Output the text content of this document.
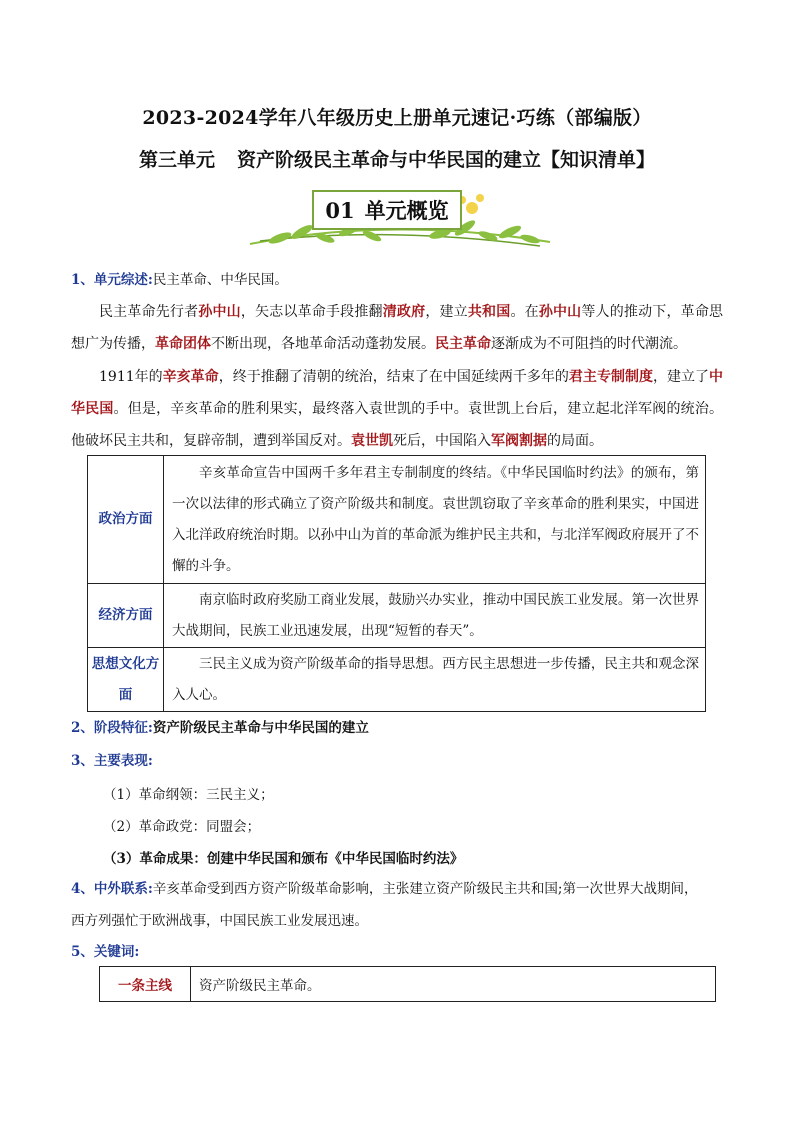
2023-2024学年八年级历史上册单元速记·巧练（部编版）
第三单元 资产阶级民主革命与中华民国的建立【知识清单】
01 单元概览
1、单元综述:民主革命、中华民国。
民主革命先行者孙中山，矢志以革命手段推翻清政府，建立共和国。在孙中山等人的推动下，革命思想广为传播，革命团体不断出现，各地革命活动蓬勃发展。民主革命逐渐成为不可阻挡的时代潮流。
1911年的辛亥革命，终于推翻了清朝的统治，结束了在中国延续两千多年的君主专制制度，建立了中华民国。但是，辛亥革命的胜利果实，最终落入袁世凯的手中。袁世凯上台后，建立起北洋军阀的统治。他破坏民主共和，复辟帝制，遭到举国反对。袁世凯死后，中国陷入军阀割据的局面。
政治方面	辛亥革命宣告中国两千多年君主专制制度的终结。《中华民国临时约法》的颁布，第一次以法律的形式确立了资产阶级共和制度。袁世凯窃取了辛亥革命的胜利果实，中国进入北洋政府统治时期。以孙中山为首的革命派为维护民主共和，与北洋军阀政府展开了不懈的斗争。
经济方面	南京临时政府奖励工商业发展，鼓励兴办实业，推动中国民族工业发展。第一次世界大战期间，民族工业迅速发展，出现“短暂的春天”。
思想文化方面	三民主义成为资产阶级革命的指导思想。西方民主思想进一步传播，民主共和观念深入人心。
2、阶段特征:资产阶级民主革命与中华民国的建立
3、主要表现:
（1）革命纲领：三民主义；
（2）革命政党：同盟会；
（3）革命成果：创建中华民国和颁布《中华民国临时约法》
4、中外联系:辛亥革命受到西方资产阶级革命影响，主张建立资产阶级民主共和国;第一次世界大战期间，
西方列强忙于欧洲战事，中国民族工业发展迅速。
5、关键词:
一条主线	资产阶级民主革命。
